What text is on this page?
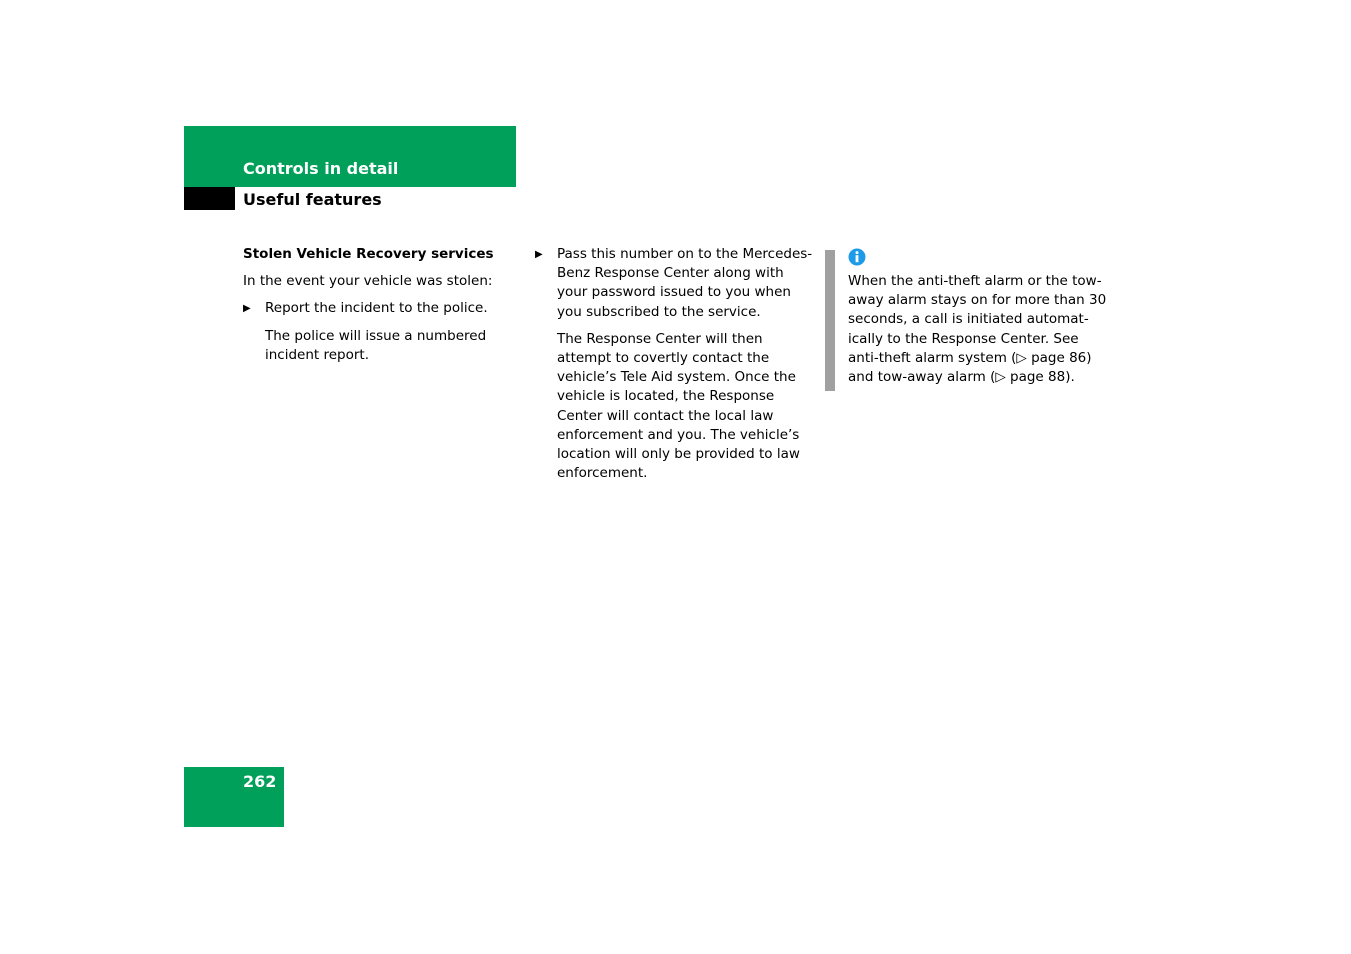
Controls in detail
Useful features

Stolen Vehicle Recovery services

In the event your vehicle was stolen:

▶ Report the incident to the police.

The police will issue a numbered incident report.

▶ Pass this number on to the Mercedes-Benz Response Center along with your password issued to you when you subscribed to the service.

The Response Center will then attempt to covertly contact the vehicle’s Tele Aid system. Once the vehicle is located, the Response Center will contact the local law enforcement and you. The vehicle’s location will only be provided to law enforcement.

When the anti-theft alarm or the tow-away alarm stays on for more than 30 seconds, a call is initiated automat-ically to the Response Center. See anti-theft alarm system (▷ page 86) and tow-away alarm (▷ page 88).

262
